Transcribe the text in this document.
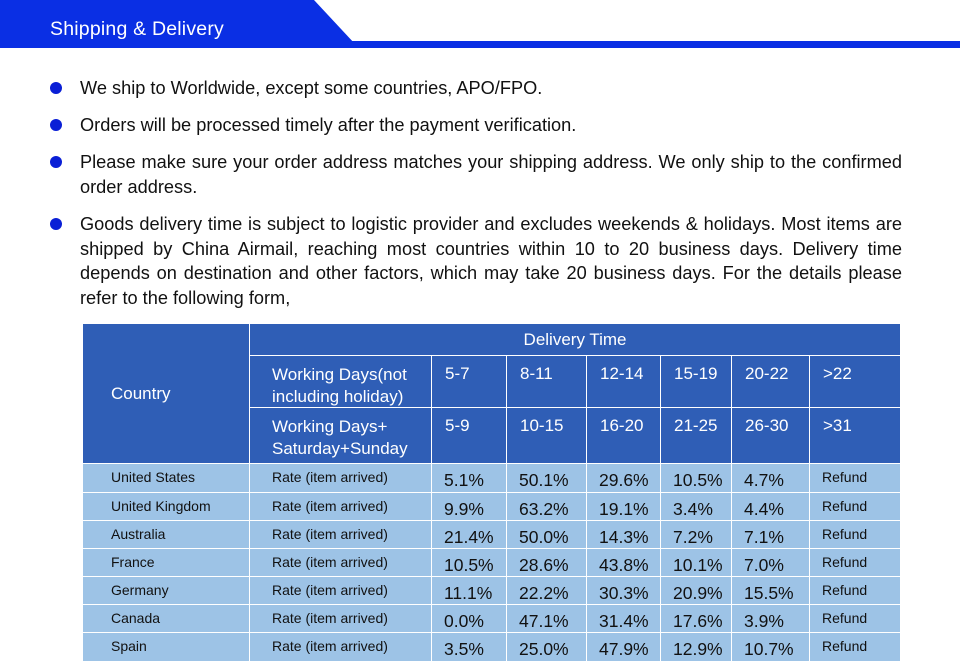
Shipping & Delivery
We ship to Worldwide, except some countries, APO/FPO.
Orders will be processed timely after the payment verification.
Please make sure your order address matches your shipping address. We only ship to the confirmed order address.
Goods delivery time is subject to logistic provider and excludes weekends & holidays. Most items are shipped by China Airmail, reaching most countries within 10 to 20 business days. Delivery time depends on destination and other factors, which may take 20 business days. For the details please refer to the following form,
Country	Delivery Time						
	Working Days(not including holiday)	5-7	8-11	12-14	15-19	20-22	>22
	Working Days+ Saturday+Sunday	5-9	10-15	16-20	21-25	26-30	>31
United States	Rate (item arrived)	5.1%	50.1%	29.6%	10.5%	4.7%	Refund
United Kingdom	Rate (item arrived)	9.9%	63.2%	19.1%	3.4%	4.4%	Refund
Australia	Rate (item arrived)	21.4%	50.0%	14.3%	7.2%	7.1%	Refund
France	Rate (item arrived)	10.5%	28.6%	43.8%	10.1%	7.0%	Refund
Germany	Rate (item arrived)	11.1%	22.2%	30.3%	20.9%	15.5%	Refund
Canada	Rate (item arrived)	0.0%	47.1%	31.4%	17.6%	3.9%	Refund
Spain	Rate (item arrived)	3.5%	25.0%	47.9%	12.9%	10.7%	Refund
